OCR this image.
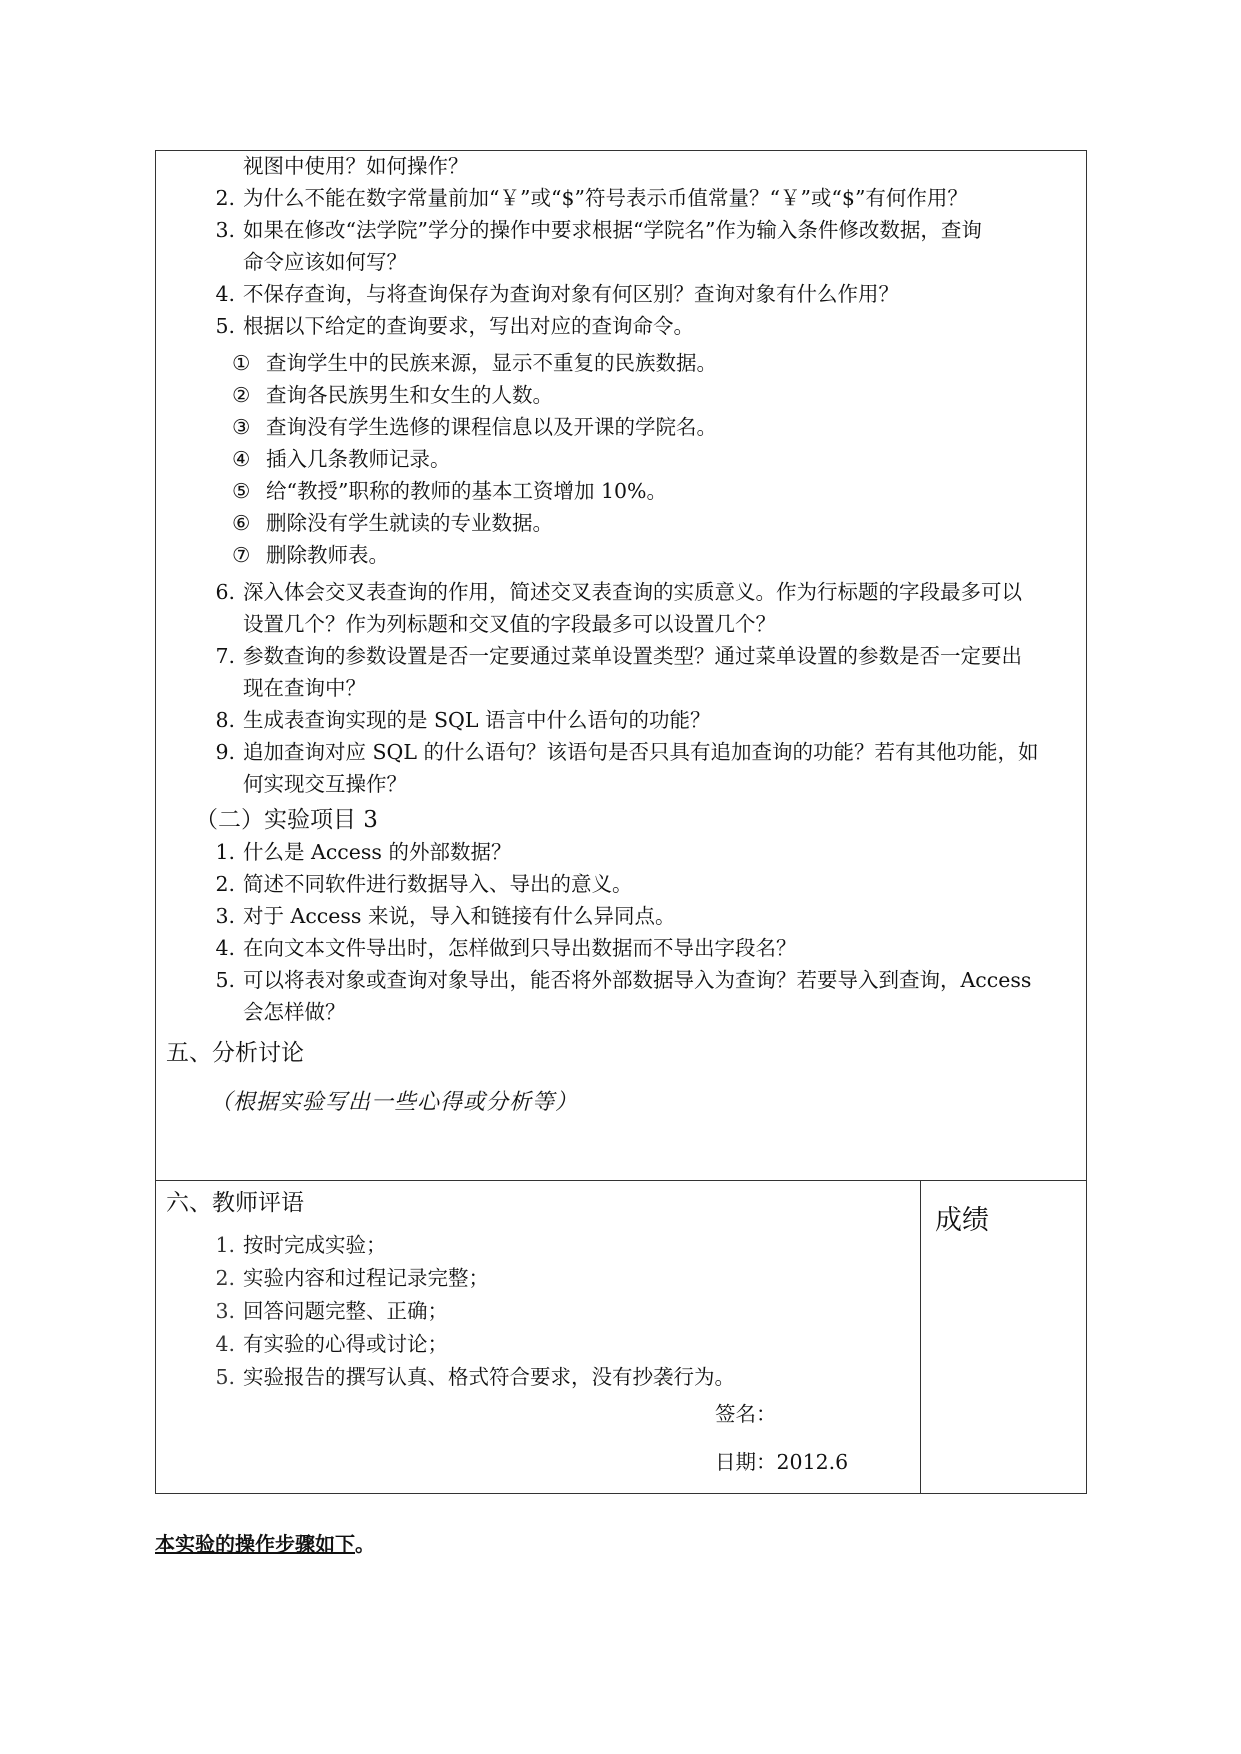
视图中使用？如何操作？
2. 为什么不能在数字常量前加“￥”或“$”符号表示币值常量？“￥”或“$”有何作用？
3. 如果在修改“法学院”学分的操作中要求根据“学院名”作为输入条件修改数据，查询
命令应该如何写？
4. 不保存查询，与将查询保存为查询对象有何区别？查询对象有什么作用？
5. 根据以下给定的查询要求，写出对应的查询命令。
① 查询学生中的民族来源，显示不重复的民族数据。
② 查询各民族男生和女生的人数。
③ 查询没有学生选修的课程信息以及开课的学院名。
④ 插入几条教师记录。
⑤ 给“教授”职称的教师的基本工资增加 10%。
⑥ 删除没有学生就读的专业数据。
⑦ 删除教师表。
6. 深入体会交叉表查询的作用，简述交叉表查询的实质意义。作为行标题的字段最多可以
设置几个？作为列标题和交叉值的字段最多可以设置几个？
7. 参数查询的参数设置是否一定要通过菜单设置类型？通过菜单设置的参数是否一定要出
现在查询中？
8. 生成表查询实现的是 SQL 语言中什么语句的功能？
9. 追加查询对应 SQL 的什么语句？该语句是否只具有追加查询的功能？若有其他功能，如
何实现交互操作？
（二）实验项目 3
1. 什么是 Access 的外部数据？
2. 简述不同软件进行数据导入、导出的意义。
3. 对于 Access 来说，导入和链接有什么异同点。
4. 在向文本文件导出时，怎样做到只导出数据而不导出字段名？
5. 可以将表对象或查询对象导出，能否将外部数据导入为查询？若要导入到查询，Access
会怎样做？
五、分析讨论
（根据实验写出一些心得或分析等）
六、教师评语
1. 按时完成实验；
2. 实验内容和过程记录完整；
3. 回答问题完整、正确；
4. 有实验的心得或讨论；
5. 实验报告的撰写认真、格式符合要求，没有抄袭行为。
签名：
日期：2012.6
成绩
本实验的操作步骤如下。
